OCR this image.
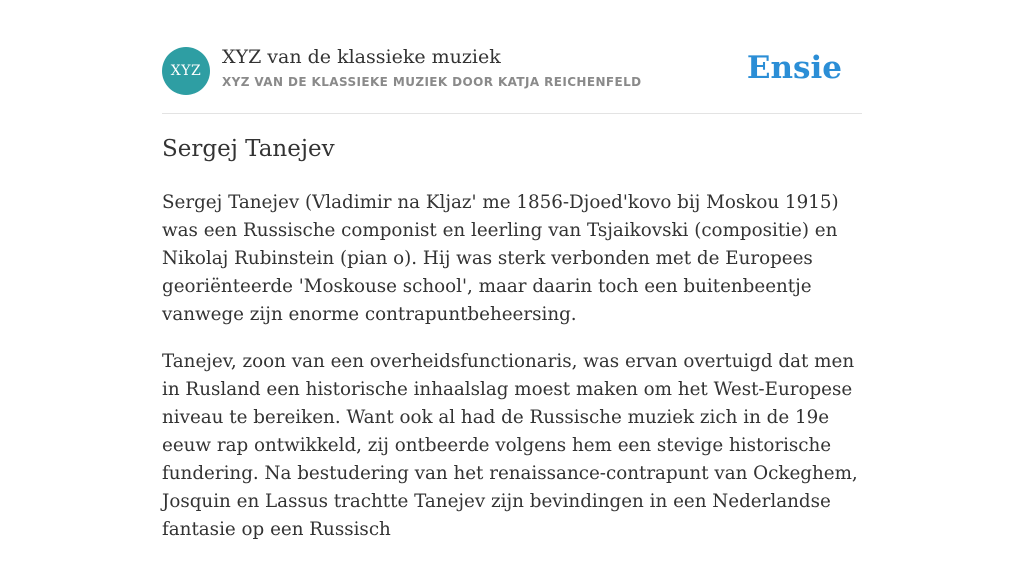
XYZ
XYZ van de klassieke muziek
XYZ VAN DE KLASSIEKE MUZIEK DOOR KATJA REICHENFELD	Ensie
Sergej Tanejev

Sergej Tanejev (Vladimir na Kljaz' me 1856-Djoed'kovo bij Moskou 1915) was een Russische componist en leerling van Tsjaikovski (compositie) en Nikolaj Rubinstein (pian o). Hij was sterk verbonden met de Europees georiënteerde 'Moskouse school', maar daarin toch een buitenbeentje vanwege zijn enorme contrapuntbeheersing.

Tanejev, zoon van een overheidsfunctionaris, was ervan overtuigd dat men in Rusland een historische inhaalslag moest maken om het West-Europese niveau te bereiken. Want ook al had de Russische muziek zich in de 19e eeuw rap ontwikkeld, zij ontbeerde volgens hem een stevige historische fundering. Na bestudering van het renaissance-contrapunt van Ockeghem, Josquin en Lassus trachtte Tanejev zijn bevindingen in een Nederlandse fantasie op een Russisch
